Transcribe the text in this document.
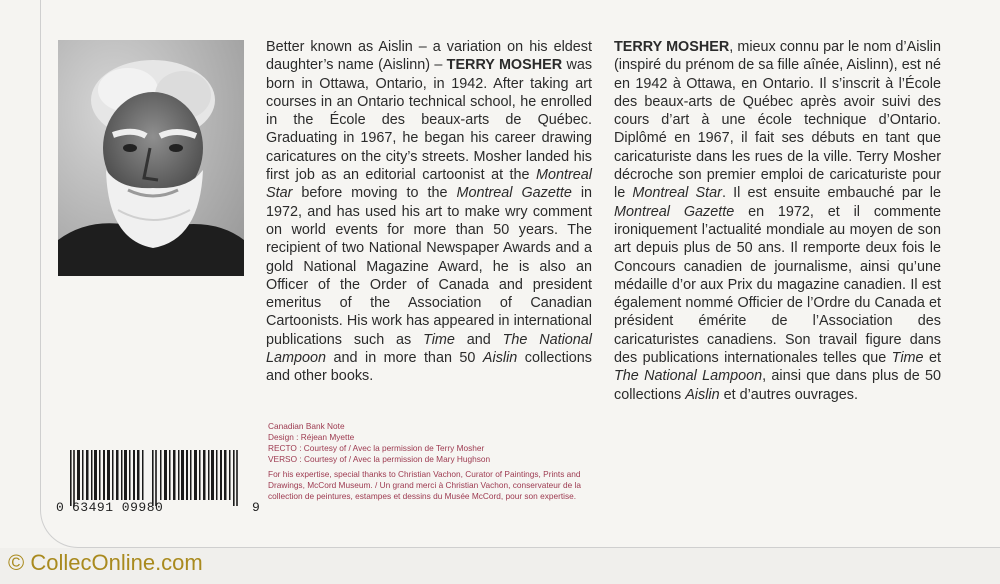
Better known as Aislin – a variation on his eldest daughter’s name (Aislinn) – TERRY MOSHER was born in Ottawa, Ontario, in 1942. After taking art courses in an Ontario technical school, he enrolled in the École des beaux-arts de Québec. Graduating in 1967, he began his career drawing caricatures on the city’s streets. Mosher landed his first job as an editorial cartoonist at the Montreal Star before moving to the Montreal Gazette in 1972, and has used his art to make wry comment on world events for more than 50 years. The recipient of two National Newspaper Awards and a gold National Magazine Award, he is also an Officer of the Order of Canada and president emeritus of the Association of Canadian Cartoonists. His work has appeared in international publications such as Time and The National Lampoon and in more than 50 Aislin collections and other books.

TERRY MOSHER, mieux connu par le nom d’Aislin (inspiré du prénom de sa fille aînée, Aislinn), est né en 1942 à Ottawa, en Ontario. Il s’inscrit à l’École des beaux-arts de Québec après avoir suivi des cours d’art à une école technique d’Ontario. Diplômé en 1967, il fait ses débuts en tant que caricaturiste dans les rues de la ville. Terry Mosher décroche son premier emploi de caricaturiste pour le Montreal Star. Il est ensuite embauché par le Montreal Gazette en 1972, et il commente ironiquement l’actualité mondiale au moyen de son art depuis plus de 50 ans. Il remporte deux fois le Concours canadien de journalisme, ainsi qu’une médaille d’or aux Prix du magazine canadien. Il est également nommé Officier de l’Ordre du Canada et président émérite de l’Association des caricaturistes canadiens. Son travail figure dans des publications internationales telles que Time et The National Lampoon, ainsi que dans plus de 50 collections Aislin et d’autres ouvrages.

Canadian Bank Note
Design : Réjean Myette
RECTO : Courtesy of / Avec la permission de Terry Mosher
VERSO : Courtesy of / Avec la permission de Mary Hughson
For his expertise, special thanks to Christian Vachon, Curator of Paintings, Prints and Drawings, McCord Museum. / Un grand merci à Christian Vachon, conservateur de la collection de peintures, estampes et dessins du Musée McCord, pour son expertise.
0 63491 09980	9
© CollecOnline.com
